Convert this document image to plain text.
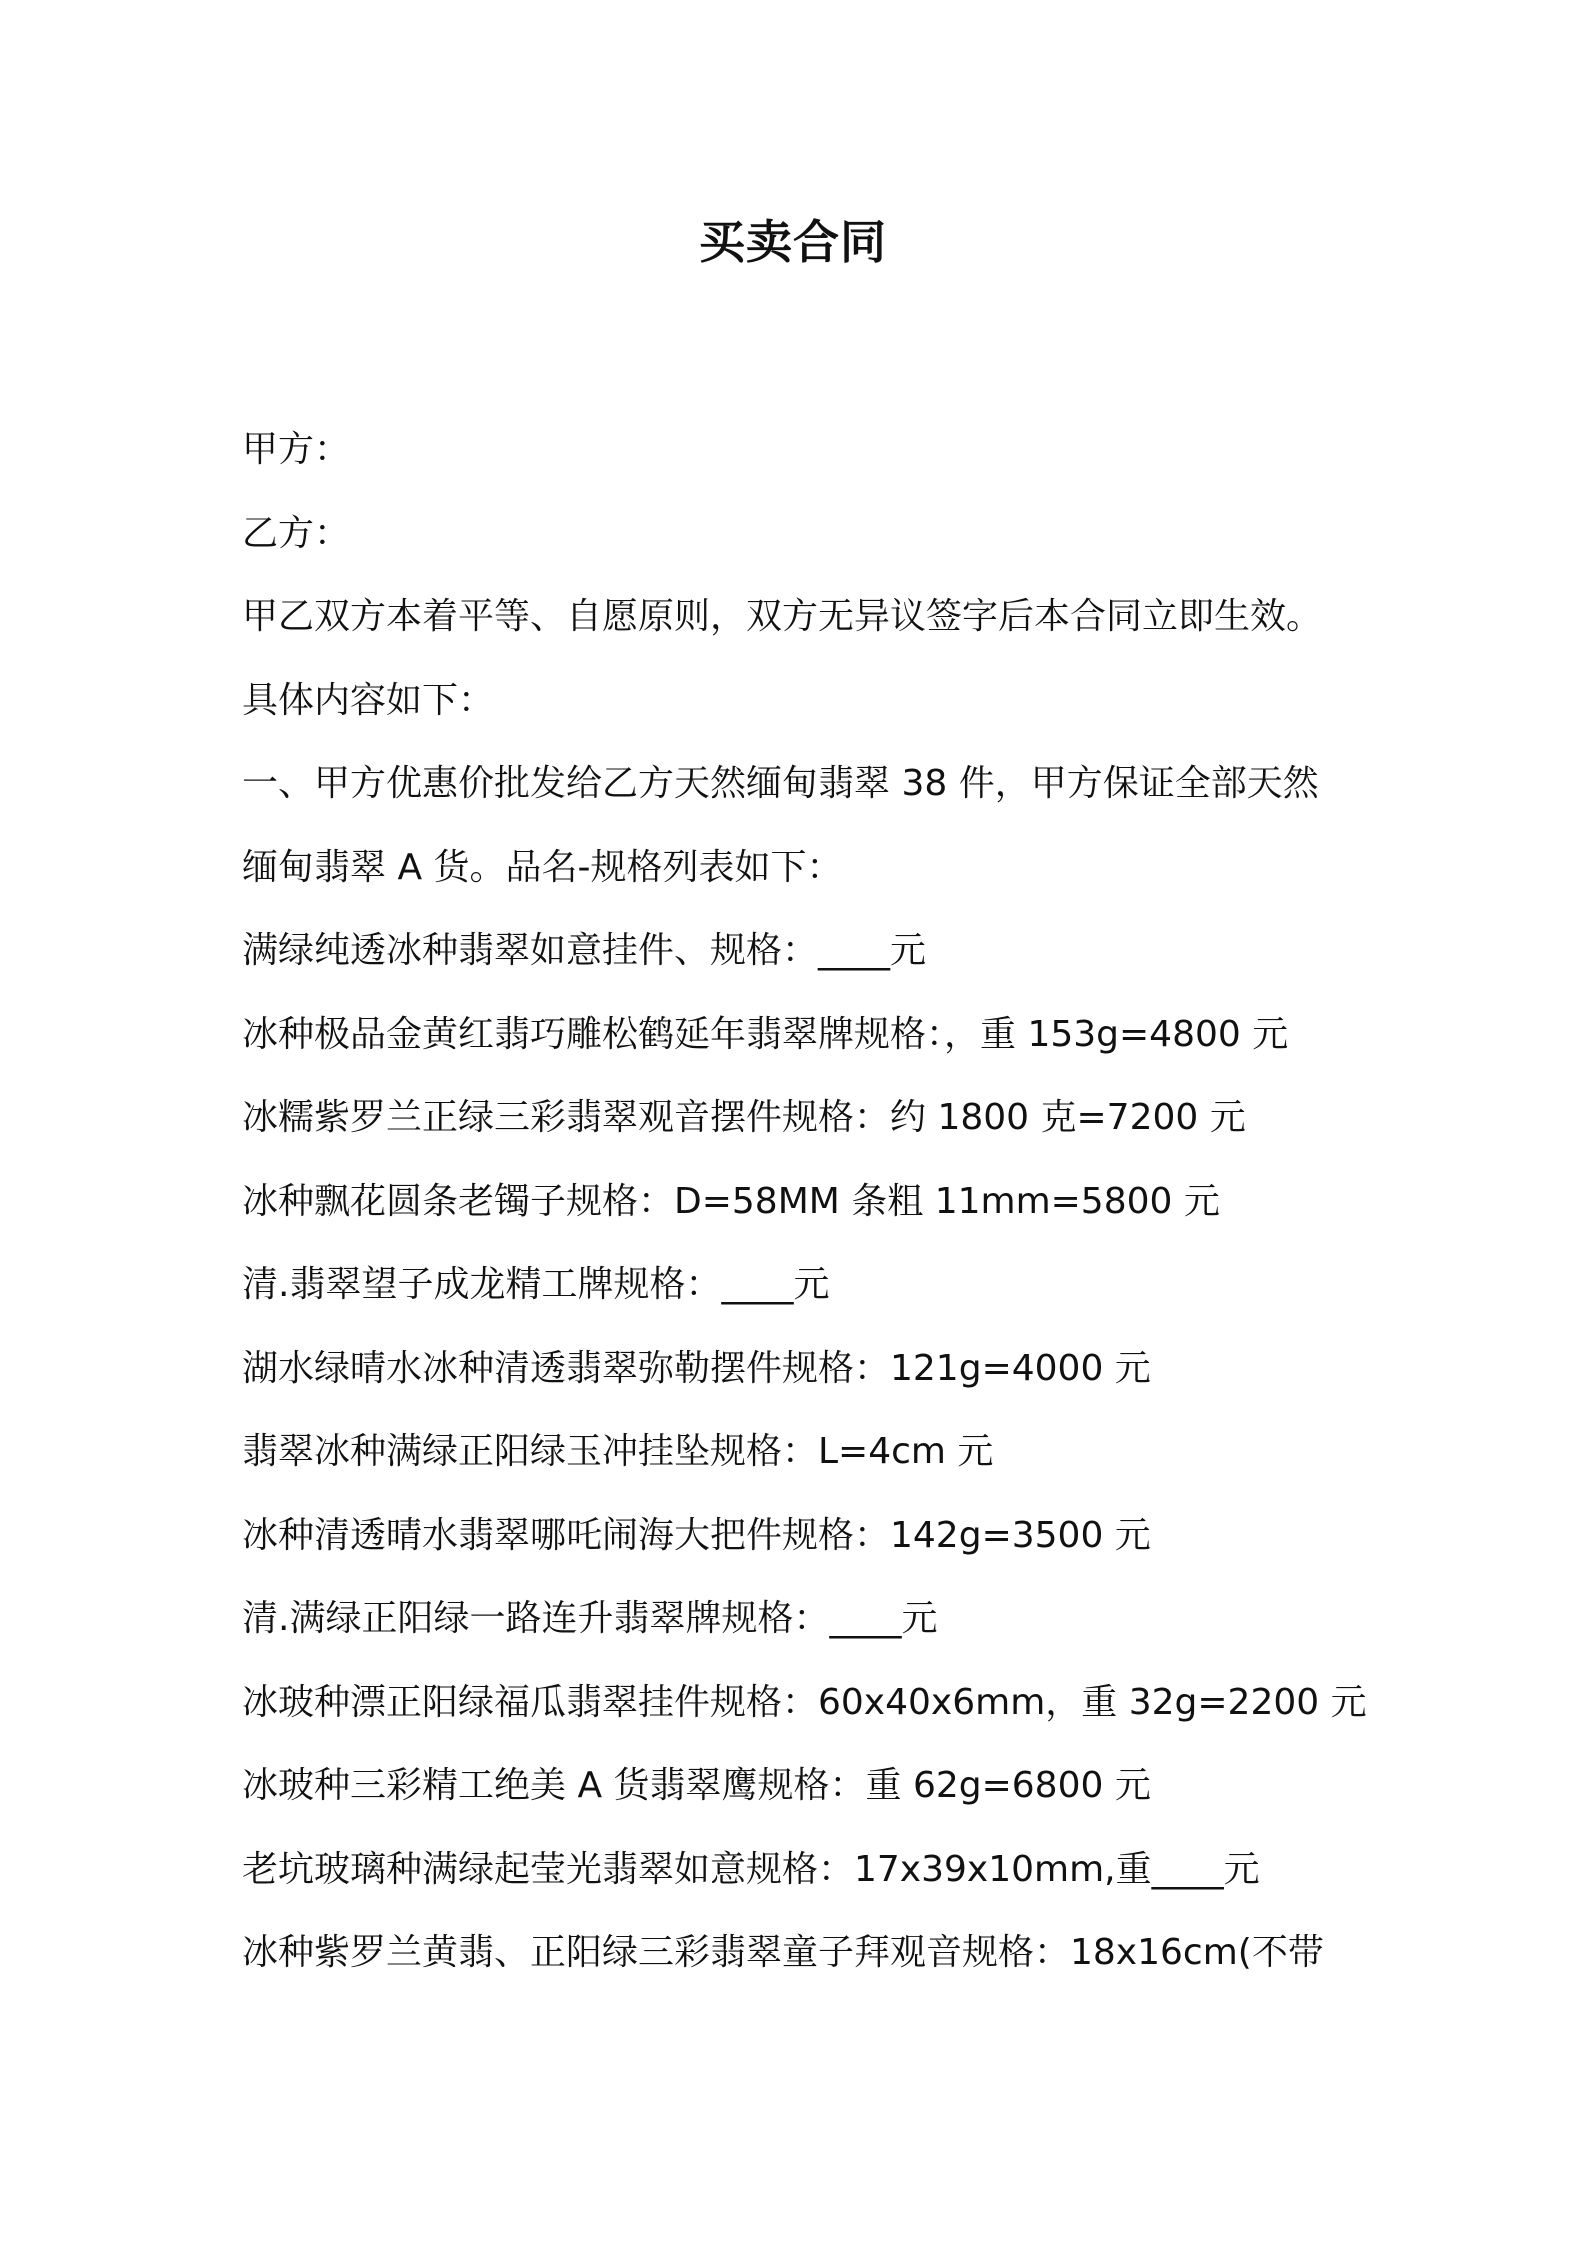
买卖合同
甲方：
乙方：
甲乙双方本着平等、自愿原则，双方无异议签字后本合同立即生效。
具体内容如下：
一、甲方优惠价批发给乙方天然缅甸翡翠 38 件，甲方保证全部天然
缅甸翡翠 A 货。品名-规格列表如下：
满绿纯透冰种翡翠如意挂件、规格：____元
冰种极品金黄红翡巧雕松鹤延年翡翠牌规格：，重 153g=4800 元
冰糯紫罗兰正绿三彩翡翠观音摆件规格：约 1800 克=7200 元
冰种飘花圆条老镯子规格：D=58MM 条粗 11mm=5800 元
清.翡翠望子成龙精工牌规格：____元
湖水绿晴水冰种清透翡翠弥勒摆件规格：121g=4000 元
翡翠冰种满绿正阳绿玉冲挂坠规格：L=4cm 元
冰种清透晴水翡翠哪吒闹海大把件规格：142g=3500 元
清.满绿正阳绿一路连升翡翠牌规格：____元
冰玻种漂正阳绿福瓜翡翠挂件规格：60x40x6mm，重 32g=2200 元
冰玻种三彩精工绝美 A 货翡翠鹰规格：重 62g=6800 元
老坑玻璃种满绿起莹光翡翠如意规格：17x39x10mm,重____元
冰种紫罗兰黄翡、正阳绿三彩翡翠童子拜观音规格：18x16cm(不带
